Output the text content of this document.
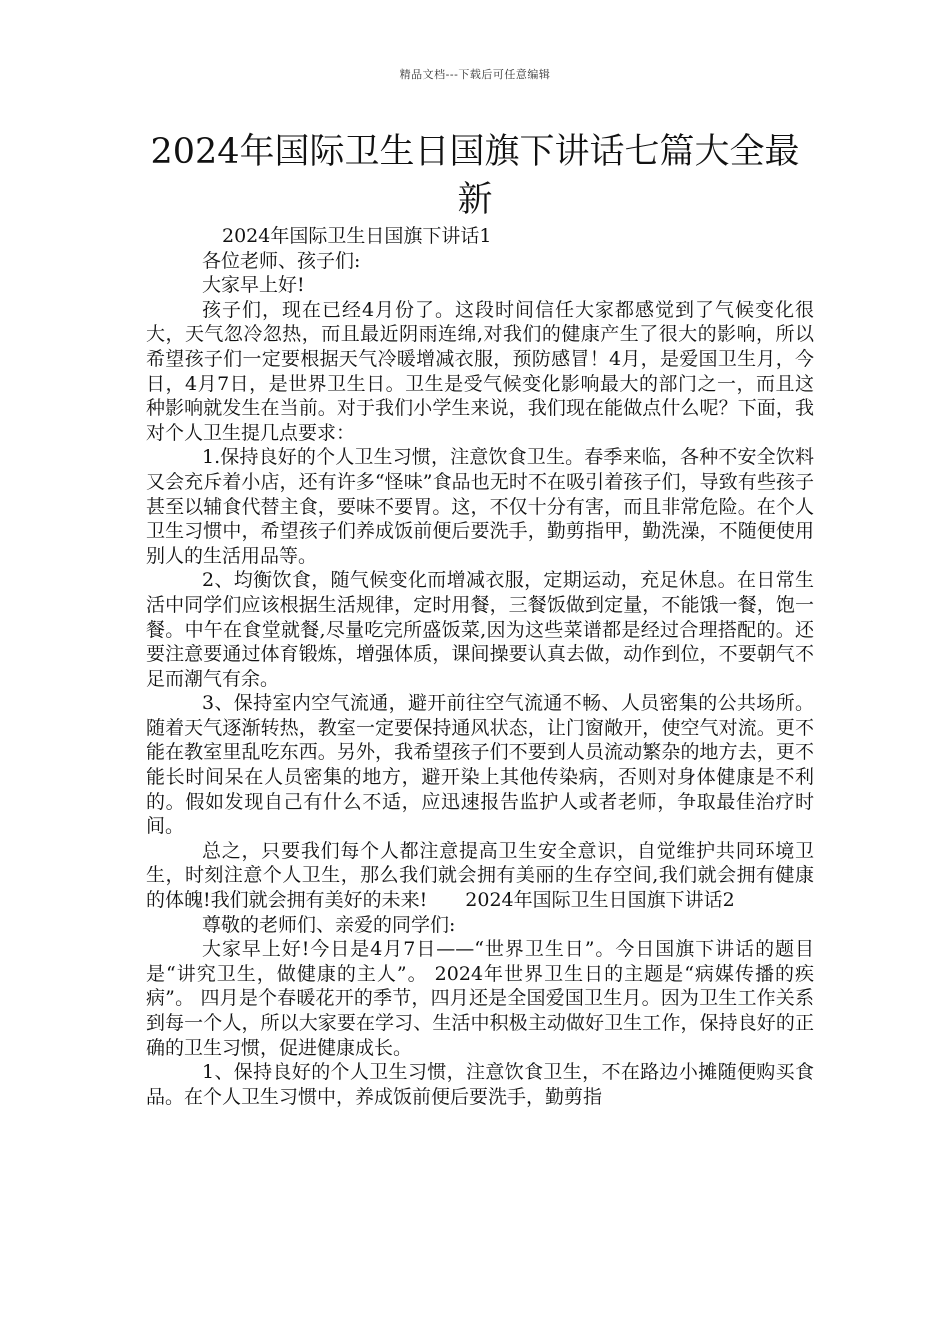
精品文档---下载后可任意编辑
2024年国际卫生日国旗下讲话七篇大全最新

2024年国际卫生日国旗下讲话1

各位老师、孩子们:

大家早上好!

孩子们，现在已经4月份了。这段时间信任大家都感觉到了气候变化很大，天气忽冷忽热，而且最近阴雨连绵,对我们的健康产生了很大的影响，所以希望孩子们一定要根据天气冷暖增减衣服，预防感冒！4月，是爱国卫生月，今日，4月7日，是世界卫生日。卫生是受气候变化影响最大的部门之一，而且这种影响就发生在当前。对于我们小学生来说，我们现在能做点什么呢？下面，我对个人卫生提几点要求：

1.保持良好的个人卫生习惯，注意饮食卫生。春季来临，各种不安全饮料又会充斥着小店，还有许多“怪味”食品也无时不在吸引着孩子们，导致有些孩子甚至以辅食代替主食，要味不要胃。这，不仅十分有害，而且非常危险。在个人卫生习惯中，希望孩子们养成饭前便后要洗手，勤剪指甲，勤洗澡，不随便使用别人的生活用品等。

2、均衡饮食，随气候变化而增减衣服，定期运动，充足休息。在日常生活中同学们应该根据生活规律，定时用餐，三餐饭做到定量，不能饿一餐，饱一餐。中午在食堂就餐,尽量吃完所盛饭菜,因为这些菜谱都是经过合理搭配的。还要注意要通过体育锻炼，增强体质，课间操要认真去做，动作到位，不要朝气不足而潮气有余。

3、保持室内空气流通，避开前往空气流通不畅、人员密集的公共场所。随着天气逐渐转热，教室一定要保持通风状态，让门窗敞开，使空气对流。更不能在教室里乱吃东西。另外，我希望孩子们不要到人员流动繁杂的地方去，更不能长时间呆在人员密集的地方，避开染上其他传染病，否则对身体健康是不利的。假如发现自己有什么不适，应迅速报告监护人或者老师，争取最佳治疗时间。

总之，只要我们每个人都注意提高卫生安全意识，自觉维护共同环境卫生，时刻注意个人卫生，那么我们就会拥有美丽的生存空间,我们就会拥有健康的体魄!我们就会拥有美好的未来!　　2024年国际卫生日国旗下讲话2

尊敬的老师们、亲爱的同学们:

大家早上好!今日是4月7日——“世界卫生日”。今日国旗下讲话的题目是“讲究卫生，做健康的主人”。 2024年世界卫生日的主题是“病媒传播的疾病”。 四月是个春暖花开的季节，四月还是全国爱国卫生月。因为卫生工作关系到每一个人，所以大家要在学习、生活中积极主动做好卫生工作，保持良好的正确的卫生习惯，促进健康成长。

1、保持良好的个人卫生习惯，注意饮食卫生，不在路边小摊随便购买食品。在个人卫生习惯中，养成饭前便后要洗手，勤剪指
